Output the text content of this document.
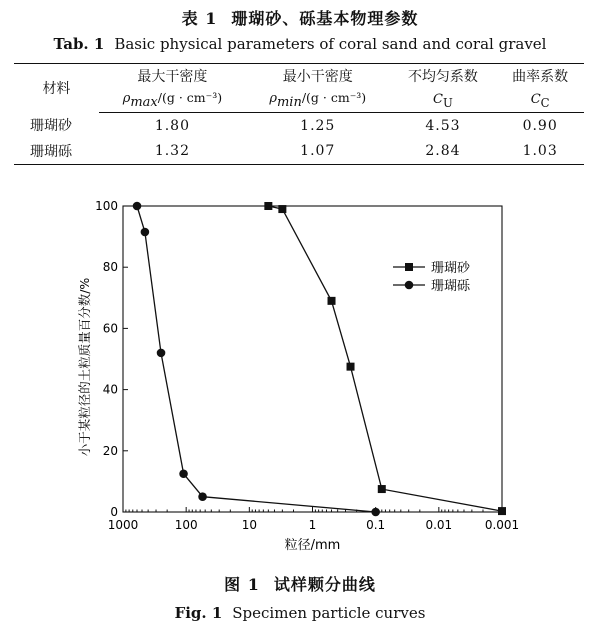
表 1 珊瑚砂、砾基本物理参数
Tab. 1 Basic physical parameters of coral sand and coral gravel
材料	最大干密度	最小干密度	不均匀系数	曲率系数
	$\rho_{max}/(g \cdot cm^{-3})$	$\rho_{min}/(g \cdot cm^{-3})$	$C_U$	$C_C$
珊瑚砂	1.80	1.25	4.53	0.90
珊瑚砾	1.32	1.07	2.84	1.03
1000	100	10	1	0.1	0.01	0.001
0
20
40
60
80
100
粒径/mm
小于某粒径的土粒质量百分数/%
珊瑚砂
珊瑚砾
图 1 试样颗分曲线
Fig. 1 Specimen particle curves
